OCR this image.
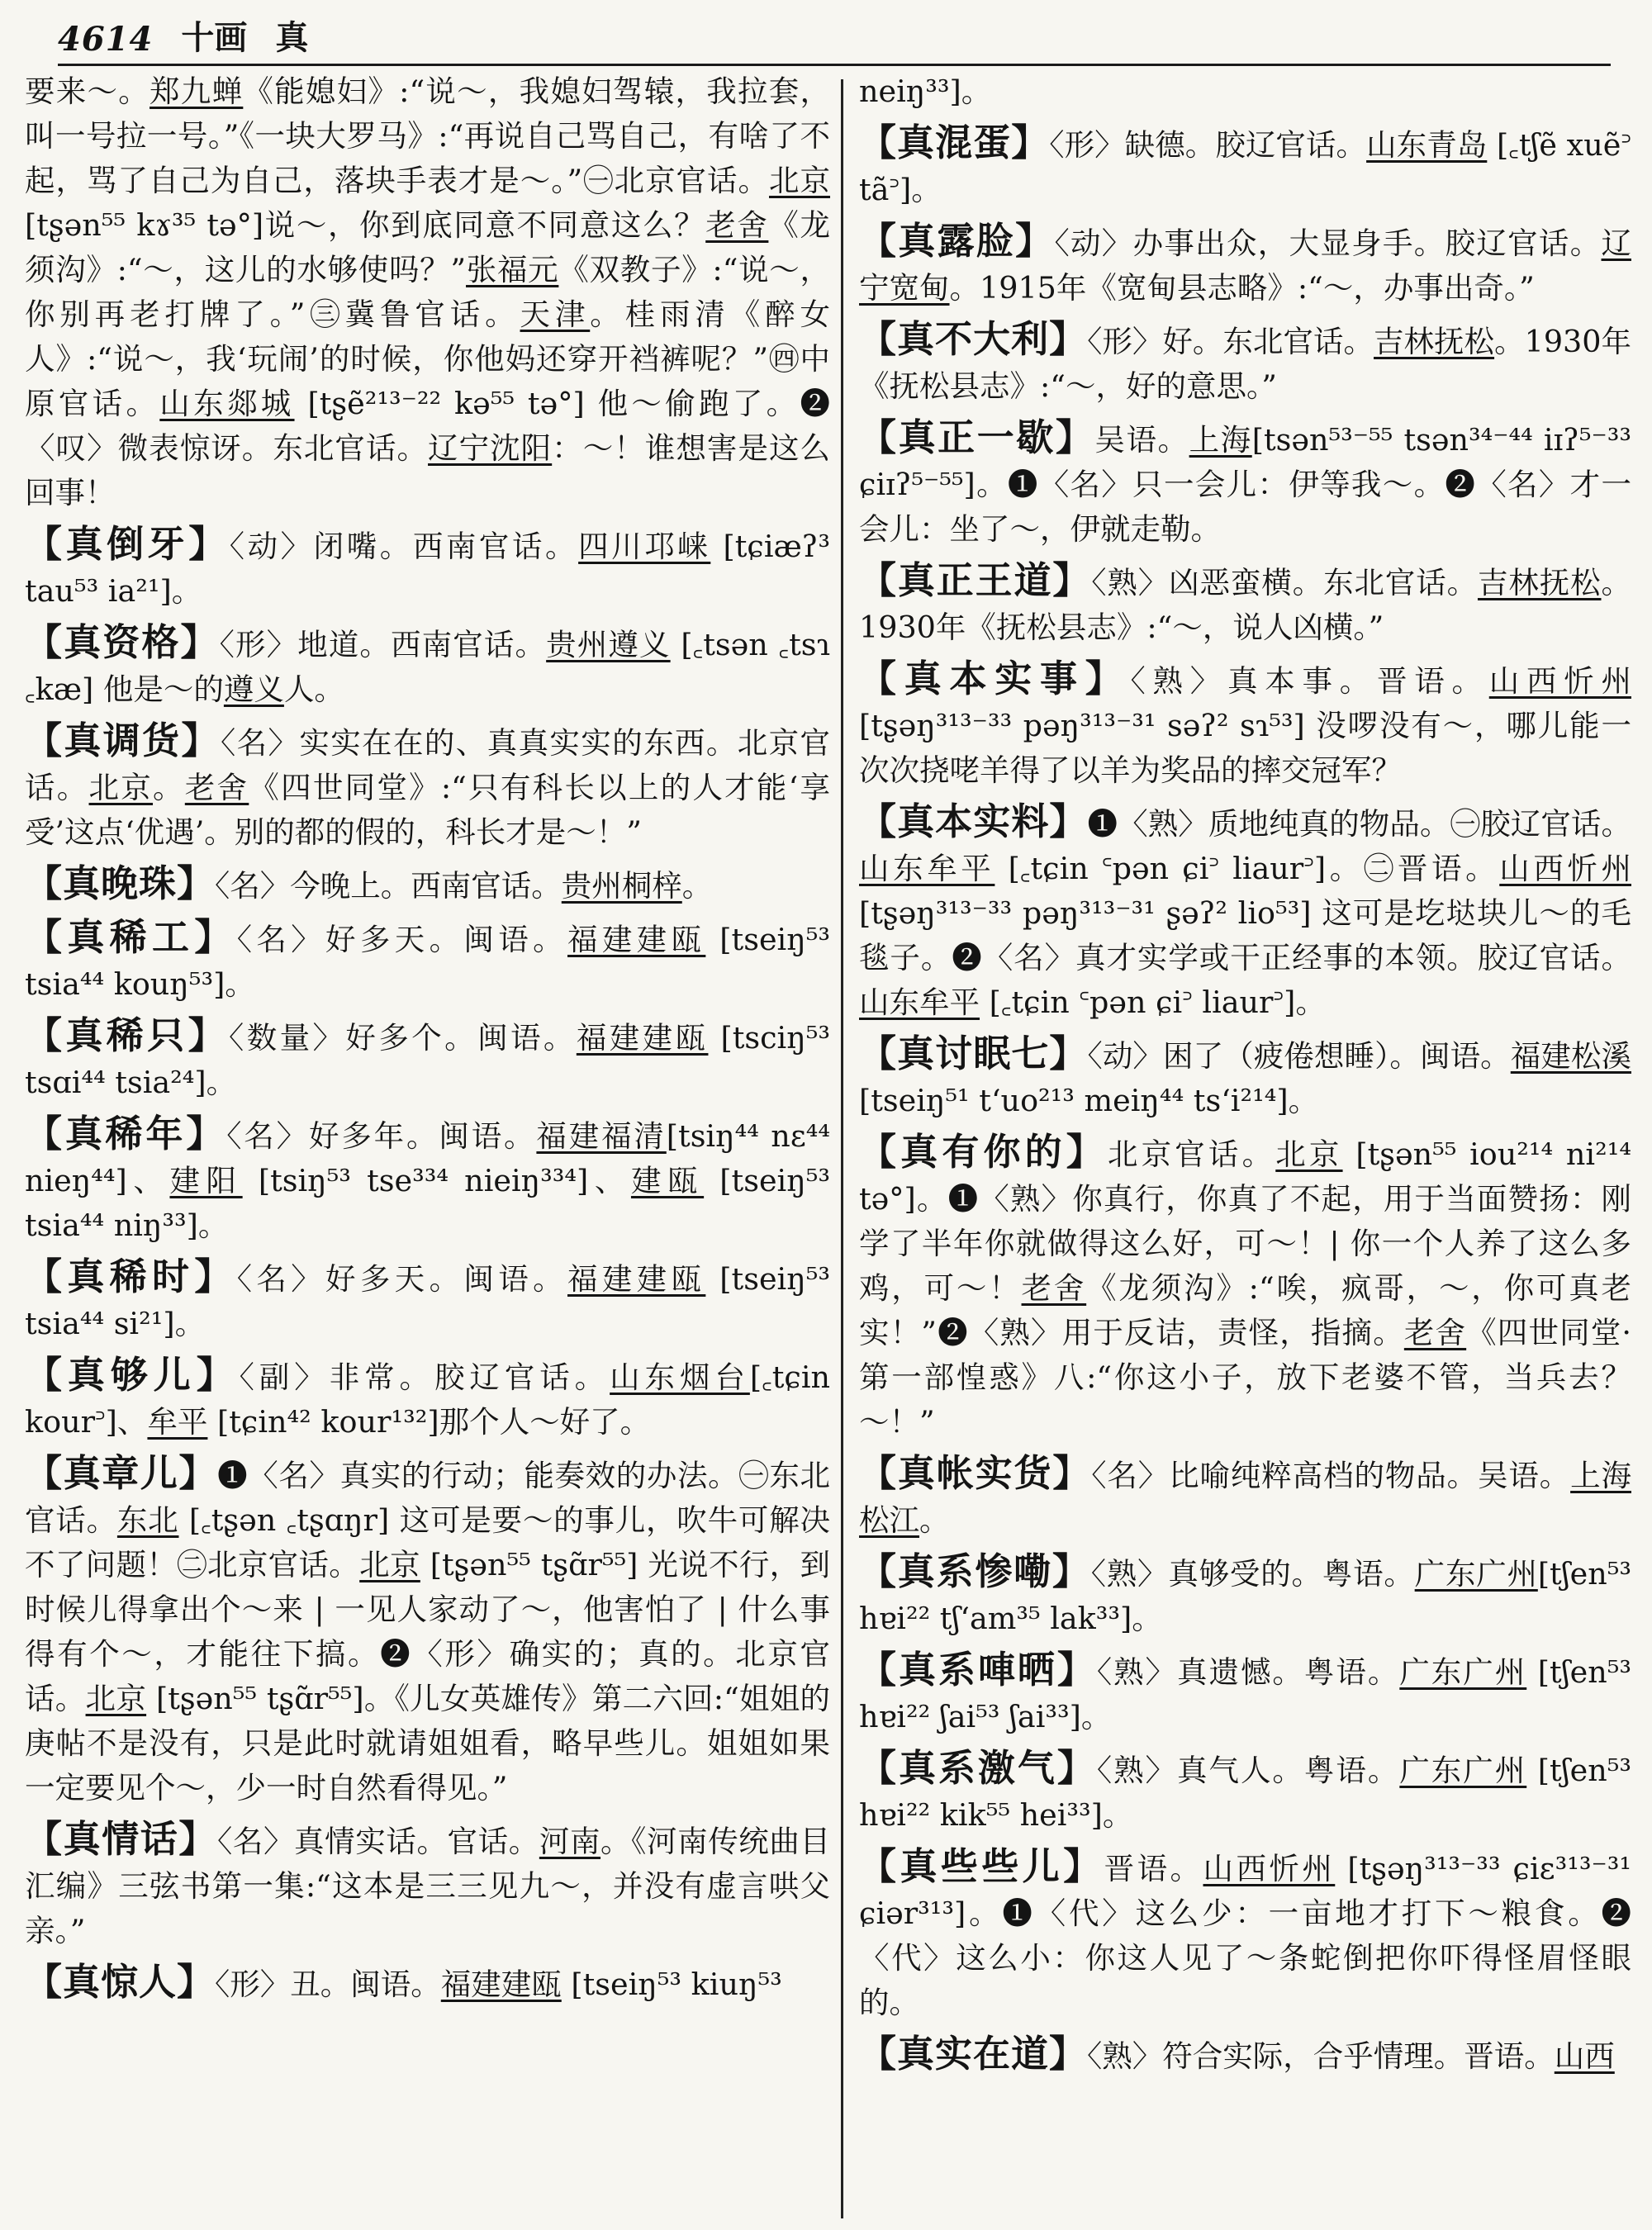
4614 十画 真

要来～。郑九蝉《能媳妇》:“说～，我媳妇驾辕，我拉套，叫一号拉一号。”《一块大罗马》:“再说自己骂自己，有啥了不起，骂了自己为自己，落块手表才是～。”㊀北京官话。北京 [tʂən⁵⁵ kɤ³⁵ tə°]说～，你到底同意不同意这么？老舍《龙须沟》:“～，这儿的水够使吗？”张福元《双教子》:“说～，你别再老打牌了。”㊂冀鲁官话。天津。桂雨清《醉女人》:“说～，我‘玩闹’的时候，你他妈还穿开裆裤呢？”㊃中原官话。山东郯城 [tʂẽ²¹³⁻²² kə⁵⁵ tə°] 他～偷跑了。❷〈叹〉微表惊讶。东北官话。辽宁沈阳：～！谁想害是这么回事！

【真倒牙】〈动〉闭嘴。西南官话。四川邛崃 [tɕiæʔ³ tau⁵³ ia²¹]。

【真资格】〈形〉地道。西南官话。贵州遵义 [꜀tsən ꜀tsɿ ꜀kæ] 他是～的遵义人。

【真调货】〈名〉实实在在的、真真实实的东西。北京官话。北京。老舍《四世同堂》:“只有科长以上的人才能‘享受’这点‘优遇’。别的都的假的，科长才是～！”

【真晚珠】〈名〉今晚上。西南官话。贵州桐梓。

【真稀工】〈名〉好多天。闽语。福建建瓯 [tseiŋ⁵³ tsia⁴⁴ kouŋ⁵³]。

【真稀只】〈数量〉好多个。闽语。福建建瓯 [tsciŋ⁵³ tsɑi⁴⁴ tsia²⁴]。

【真稀年】〈名〉好多年。闽语。福建福清[tsiŋ⁴⁴ nɛ⁴⁴ nieŋ⁴⁴]、建阳 [tsiŋ⁵³ tse³³⁴ nieiŋ³³⁴]、建瓯 [tseiŋ⁵³ tsia⁴⁴ niŋ³³]。

【真稀时】〈名〉好多天。闽语。福建建瓯 [tseiŋ⁵³ tsia⁴⁴ si²¹]。

【真够儿】〈副〉非常。胶辽官话。山东烟台[꜀tɕin kour꜄]、牟平 [tɕin⁴² kour¹³²]那个人～好了。

【真章儿】❶〈名〉真实的行动；能奏效的办法。㊀东北官话。东北 [꜀tʂən ꜀tʂɑŋr] 这可是要～的事儿，吹牛可解决不了问题！㊁北京官话。北京 [tʂən⁵⁵ tʂɑ̃r⁵⁵] 光说不行，到时候儿得拿出个～来 | 一见人家动了～，他害怕了 | 什么事得有个～，才能往下搞。❷〈形〉确实的；真的。北京官话。北京 [tʂən⁵⁵ tʂɑ̃r⁵⁵]。《儿女英雄传》第二六回:“姐姐的庚帖不是没有，只是此时就请姐姐看，略早些儿。姐姐如果一定要见个～，少一时自然看得见。”

【真情话】〈名〉真情实话。官话。河南。《河南传统曲目汇编》三弦书第一集:“这本是三三见九～，并没有虚言哄父亲。”

【真惊人】〈形〉丑。闽语。福建建瓯 [tseiŋ⁵³ kiuŋ⁵³

neiŋ³³]。

【真混蛋】〈形〉缺德。胶辽官话。山东青岛 [꜀tʃẽ xuẽ꜄ tã꜄]。

【真露脸】〈动〉办事出众，大显身手。胶辽官话。辽宁宽甸。1915年《宽甸县志略》:“～，办事出奇。”

【真不大利】〈形〉好。东北官话。吉林抚松。1930年《抚松县志》:“～，好的意思。”

【真正一歇】吴语。上海[tsən⁵³⁻⁵⁵ tsən³⁴⁻⁴⁴ iɪʔ⁵⁻³³ ɕiɪʔ⁵⁻⁵⁵]。❶〈名〉只一会儿：伊等我～。❷〈名〉才一会儿：坐了～，伊就走勒。

【真正王道】〈熟〉凶恶蛮横。东北官话。吉林抚松。1930年《抚松县志》:“～，说人凶横。”

【真本实事】〈熟〉真本事。晋语。山西忻州 [tʂəŋ³¹³⁻³³ pəŋ³¹³⁻³¹ səʔ² sɿ⁵³] 没啰没有～，哪儿能一次次挠咾羊得了以羊为奖品的摔交冠军？

【真本实料】❶〈熟〉质地纯真的物品。㊀胶辽官话。山东牟平 [꜀tɕin ꜂pən ɕi꜄ liaur꜄]。㊁晋语。山西忻州 [tʂəŋ³¹³⁻³³ pəŋ³¹³⁻³¹ ʂəʔ² lio⁵³] 这可是圪垯块儿～的毛毯子。❷〈名〉真才实学或干正经事的本领。胶辽官话。山东牟平 [꜀tɕin ꜂pən ɕi꜄ liaur꜄]。

【真讨眠七】〈动〉困了（疲倦想睡）。闽语。福建松溪 [tseiŋ⁵¹ tʻuo²¹³ meiŋ⁴⁴ tsʻi²¹⁴]。

【真有你的】北京官话。北京 [tʂən⁵⁵ iou²¹⁴ ni²¹⁴ tə°]。❶〈熟〉你真行，你真了不起，用于当面赞扬：刚学了半年你就做得这么好，可～！| 你一个人养了这么多鸡，可～！老舍《龙须沟》:“唉，疯哥，～，你可真老实！”❷〈熟〉用于反诘，责怪，指摘。老舍《四世同堂·第一部惶惑》八:“你这小子，放下老婆不管，当兵去？～！”

【真帐实货】〈名〉比喻纯粹高档的物品。吴语。上海松江。

【真系惨嘞】〈熟〉真够受的。粤语。广东广州[tʃen⁵³ hɐi²² tʃʻam³⁵ lak³³]。

【真系唓晒】〈熟〉真遗憾。粤语。广东广州 [tʃen⁵³ hɐi²² ʃai⁵³ ʃai³³]。

【真系激气】〈熟〉真气人。粤语。广东广州 [tʃen⁵³ hɐi²² kik⁵⁵ hei³³]。

【真些些儿】晋语。山西忻州 [tʂəŋ³¹³⁻³³ ɕiɛ³¹³⁻³¹ ɕiər³¹³]。❶〈代〉这么少：一亩地才打下～粮食。❷〈代〉这么小：你这人见了～条蛇倒把你吓得怪眉怪眼的。

【真实在道】〈熟〉符合实际，合乎情理。晋语。山西
